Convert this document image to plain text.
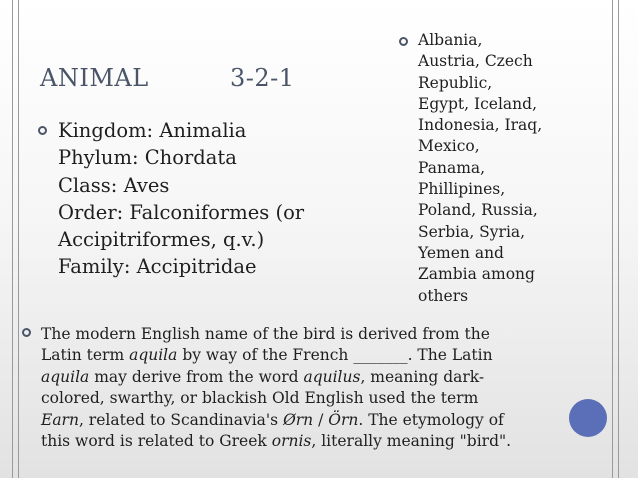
ANIMAL          3-2-1
Kingdom: Animalia
Phylum: Chordata
Class: Aves
Order: Falconiformes (or
Accipitriformes, q.v.)
Family: Accipitridae
Albania,
Austria, Czech
Republic,
Egypt, Iceland,
Indonesia, Iraq,
Mexico,
Panama,
Phillipines,
Poland, Russia,
Serbia, Syria,
Yemen and
Zambia among
others
The modern English name of the bird is derived from the
Latin term aquila by way of the French _______. The Latin
aquila may derive from the word aquilus, meaning dark-
colored, swarthy, or blackish Old English used the term
Earn, related to Scandinavia's Ørn / Örn. The etymology of
this word is related to Greek ornis, literally meaning "bird".
